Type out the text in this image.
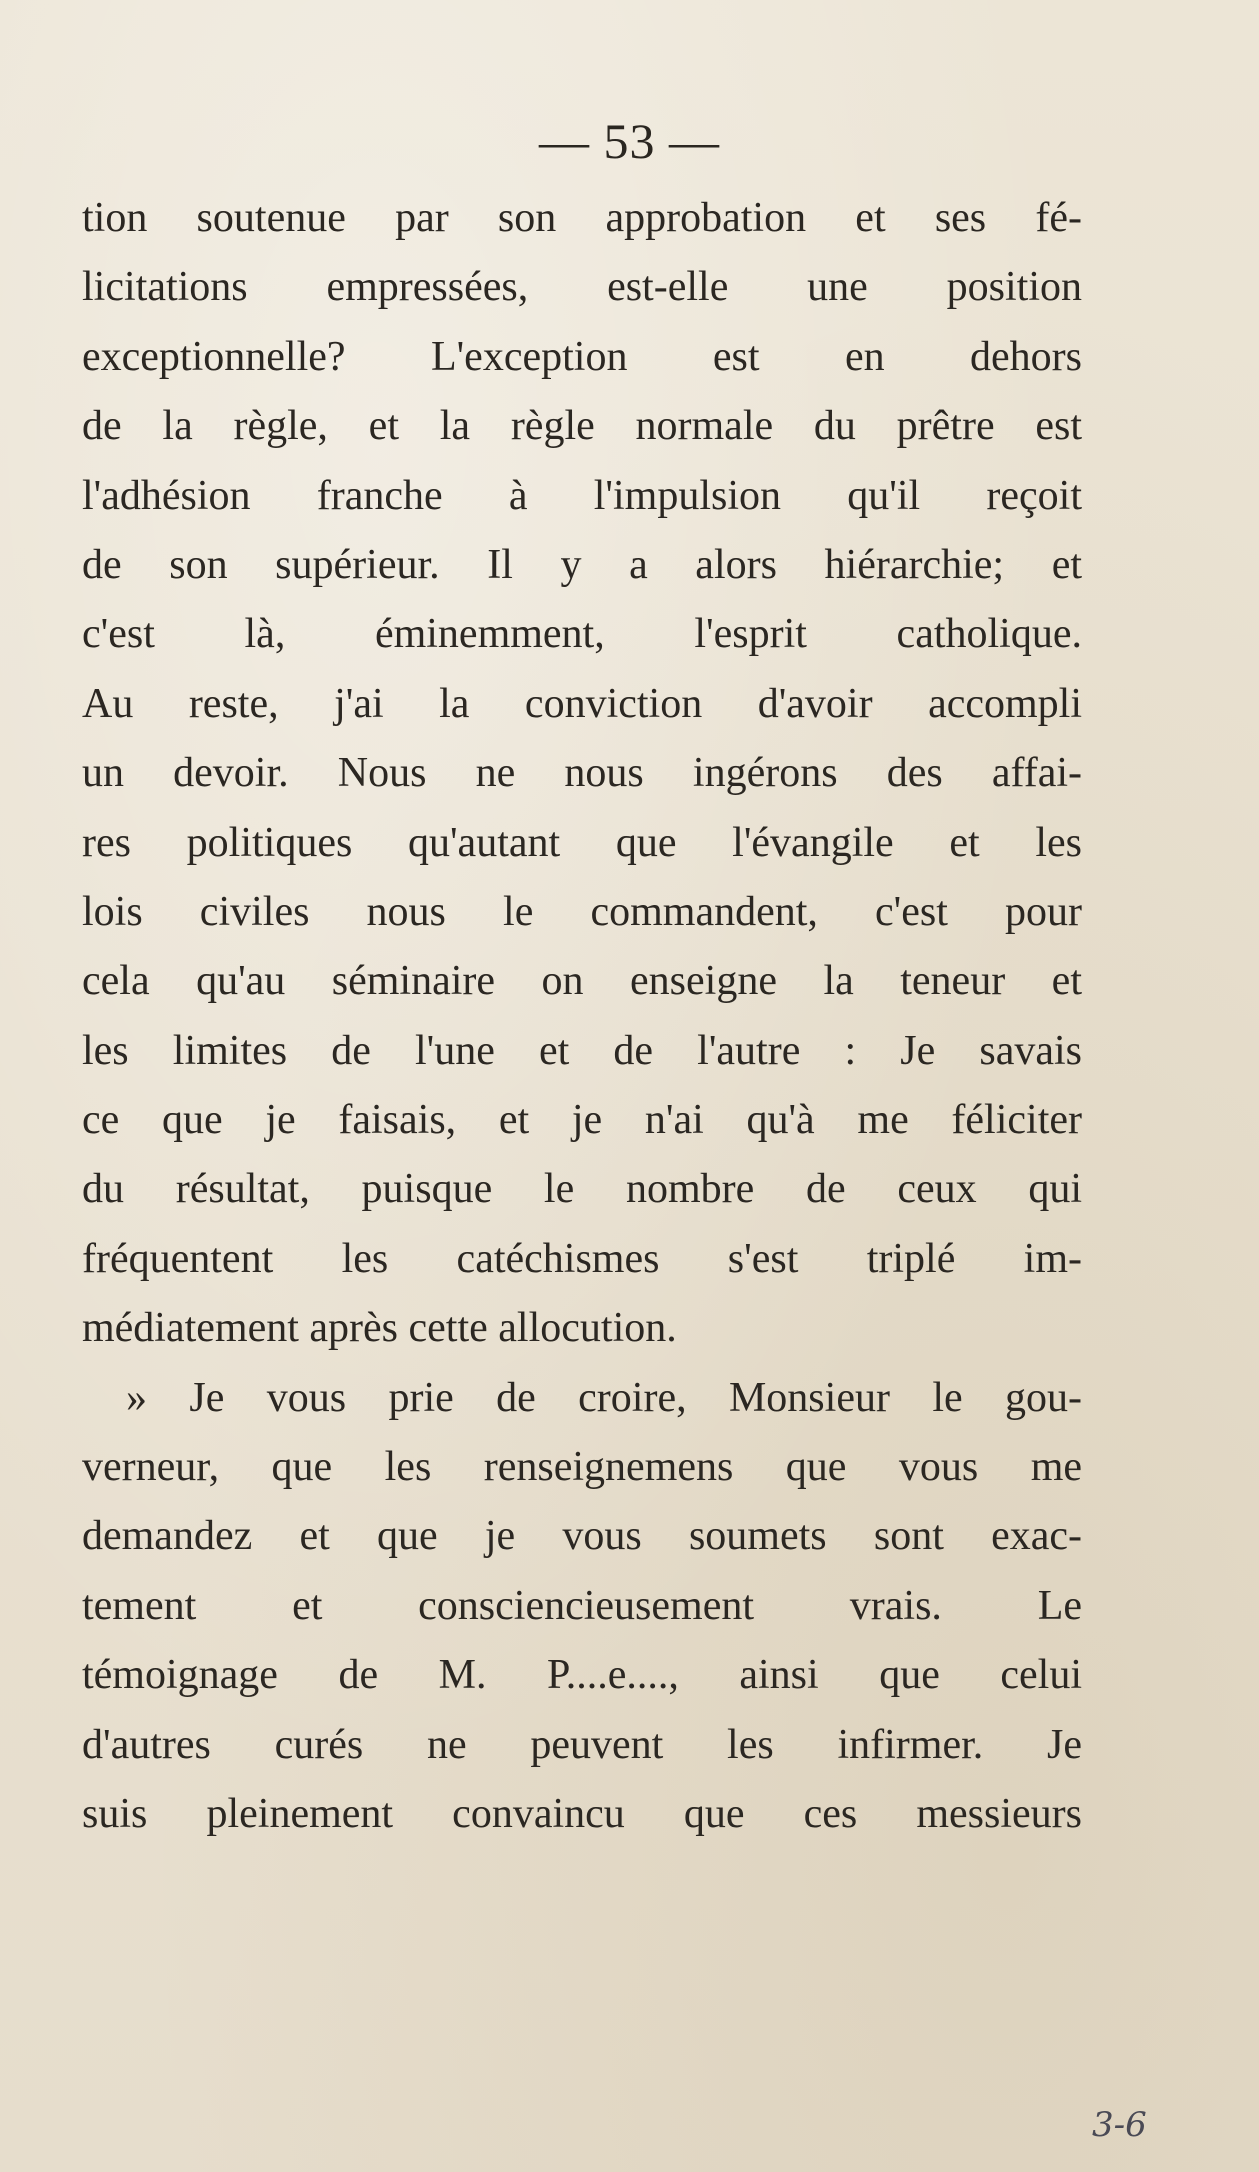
— 53 —
tion soutenue par son approbation et ses fé-
licitations empressées, est-elle une position
exceptionnelle? L'exception est en dehors
de la règle, et la règle normale du prêtre est
l'adhésion franche à l'impulsion qu'il reçoit
de son supérieur. Il y a alors hiérarchie; et
c'est là, éminemment, l'esprit catholique.
Au reste, j'ai la conviction d'avoir accompli
un devoir. Nous ne nous ingérons des affai-
res politiques qu'autant que l'évangile et les
lois civiles nous le commandent, c'est pour
cela qu'au séminaire on enseigne la teneur et
les limites de l'une et de l'autre : Je savais
ce que je faisais, et je n'ai qu'à me féliciter
du résultat, puisque le nombre de ceux qui
fréquentent les catéchismes s'est triplé im-
médiatement après cette allocution.
» Je vous prie de croire, Monsieur le gou-
verneur, que les renseignemens que vous me
demandez et que je vous soumets sont exac-
tement et consciencieusement vrais. Le
témoignage de M. P....e...., ainsi que celui
d'autres curés ne peuvent les infirmer. Je
suis pleinement convaincu que ces messieurs
3-6
